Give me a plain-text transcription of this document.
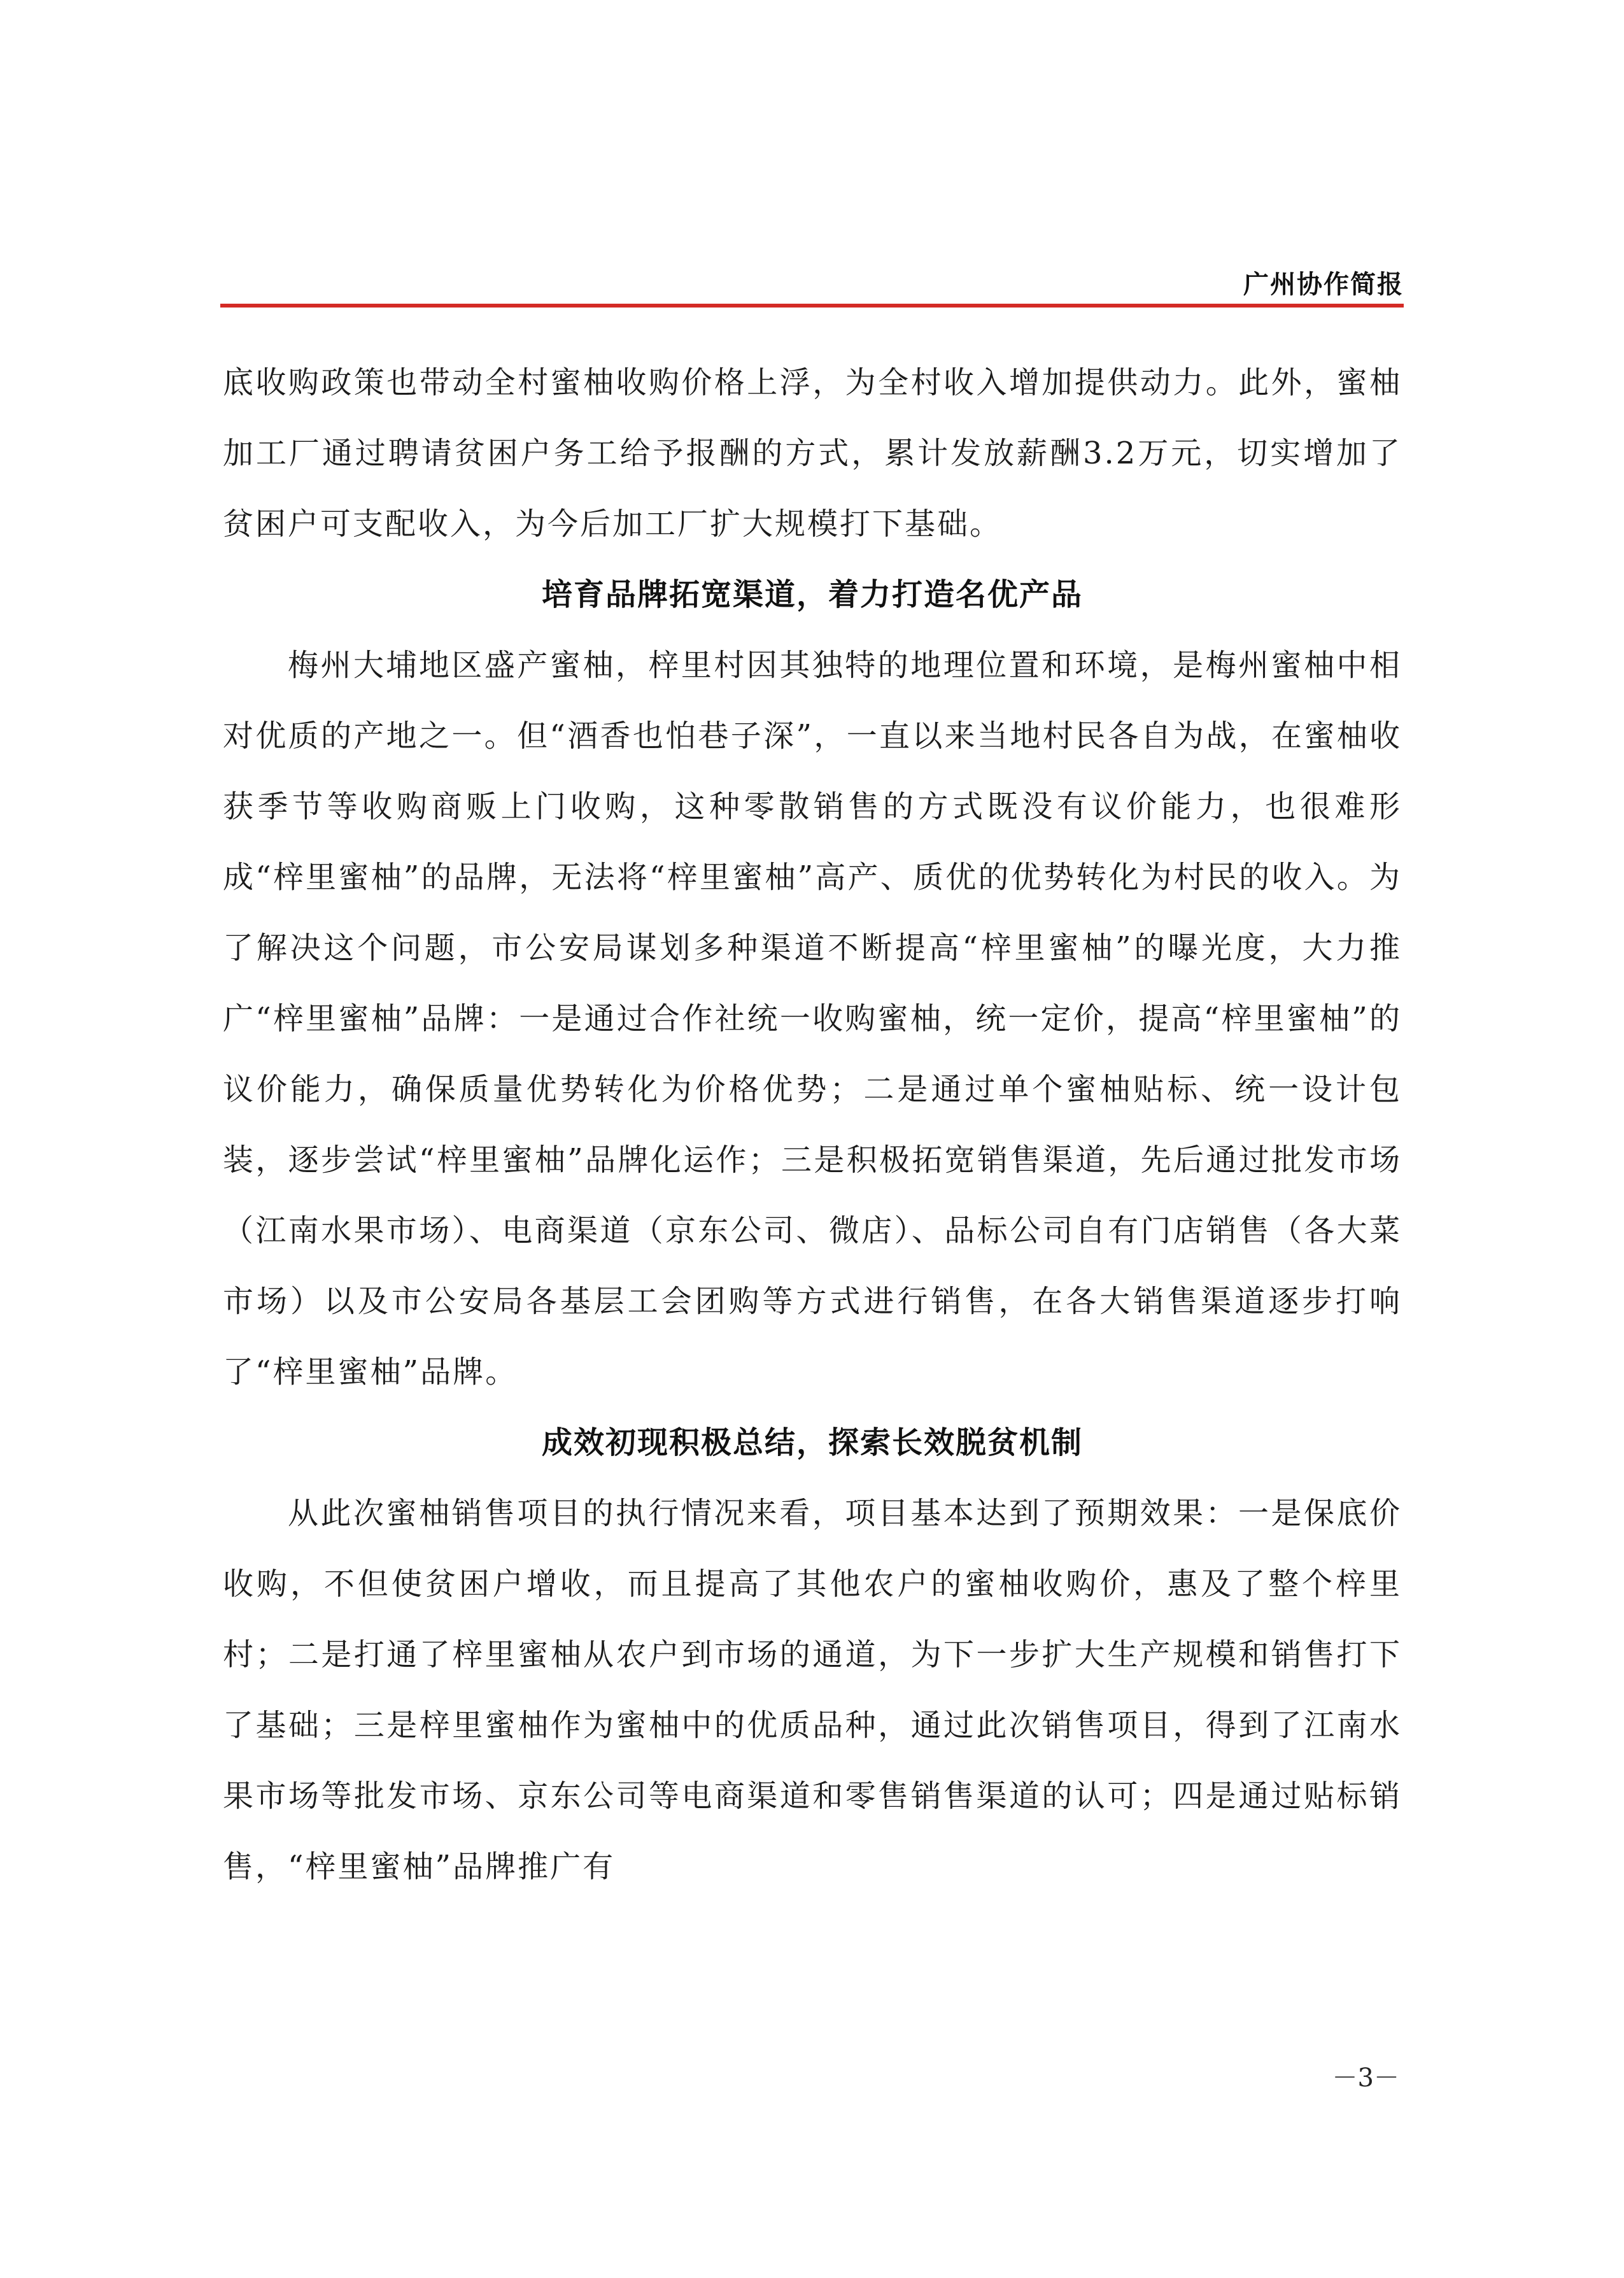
广州协作简报

底收购政策也带动全村蜜柚收购价格上浮，为全村收入增加提供动力。此外，蜜柚加工厂通过聘请贫困户务工给予报酬的方式，累计发放薪酬3.2万元，切实增加了贫困户可支配收入，为今后加工厂扩大规模打下基础。

培育品牌拓宽渠道，着力打造名优产品

梅州大埔地区盛产蜜柚，梓里村因其独特的地理位置和环境，是梅州蜜柚中相对优质的产地之一。但“酒香也怕巷子深”，一直以来当地村民各自为战，在蜜柚收获季节等收购商贩上门收购，这种零散销售的方式既没有议价能力，也很难形成“梓里蜜柚”的品牌，无法将“梓里蜜柚”高产、质优的优势转化为村民的收入。为了解决这个问题，市公安局谋划多种渠道不断提高“梓里蜜柚”的曝光度，大力推广“梓里蜜柚”品牌：一是通过合作社统一收购蜜柚，统一定价，提高“梓里蜜柚”的议价能力，确保质量优势转化为价格优势；二是通过单个蜜柚贴标、统一设计包装，逐步尝试“梓里蜜柚”品牌化运作；三是积极拓宽销售渠道，先后通过批发市场（江南水果市场）、电商渠道（京东公司、微店）、品标公司自有门店销售（各大菜市场）以及市公安局各基层工会团购等方式进行销售，在各大销售渠道逐步打响了“梓里蜜柚”品牌。

成效初现积极总结，探索长效脱贫机制

从此次蜜柚销售项目的执行情况来看，项目基本达到了预期效果：一是保底价收购，不但使贫困户增收，而且提高了其他农户的蜜柚收购价，惠及了整个梓里村；二是打通了梓里蜜柚从农户到市场的通道，为下一步扩大生产规模和销售打下了基础；三是梓里蜜柚作为蜜柚中的优质品种，通过此次销售项目，得到了江南水果市场等批发市场、京东公司等电商渠道和零售销售渠道的认可；四是通过贴标销售，“梓里蜜柚”品牌推广有

－3－
